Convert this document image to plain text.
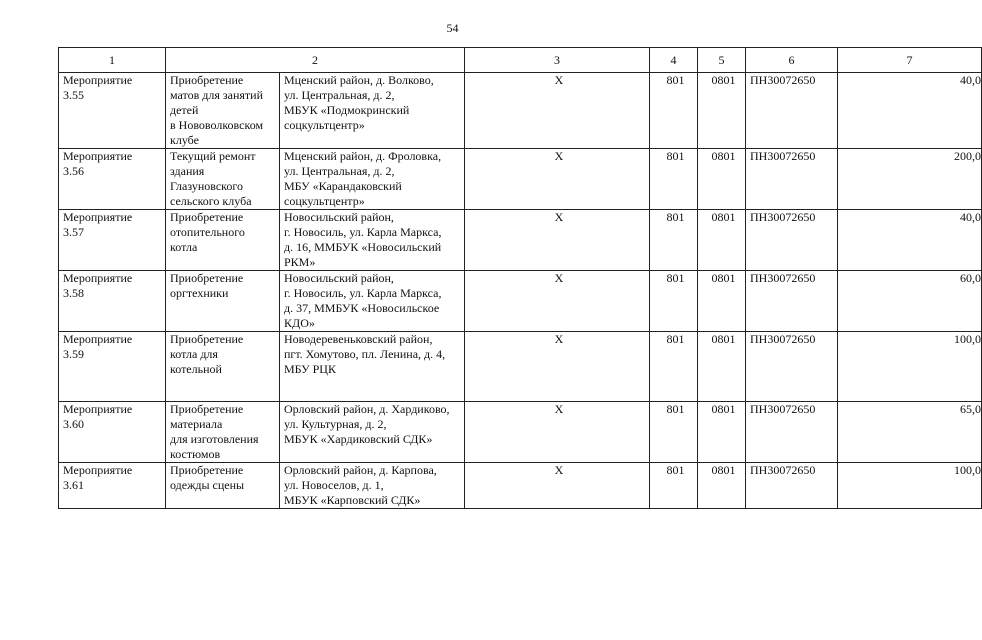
54
1	2		3	4	5	6	7

Мероприятие
3.55	Приобретение
матов для занятий
детей
в Нововолковском
клубе	Мценский район, д. Волково,
ул. Центральная, д. 2,
МБУК «Подмокринский
соцкультцентр»	Х	801	0801	ПН30072650	40,0

Мероприятие
3.56	Текущий ремонт
здания
Глазуновского
сельского клуба	Мценский район, д. Фроловка,
ул. Центральная, д. 2,
МБУ «Карандаковский
соцкультцентр»	Х	801	0801	ПН30072650	200,0

Мероприятие
3.57	Приобретение
отопительного
котла	Новосильский район,
г. Новосиль, ул. Карла Маркса,
д. 16, ММБУК «Новосильский
РКМ»	Х	801	0801	ПН30072650	40,0

Мероприятие
3.58	Приобретение
оргтехники	Новосильский район,
г. Новосиль, ул. Карла Маркса,
д. 37, ММБУК «Новосильское
КДО»	Х	801	0801	ПН30072650	60,0

Мероприятие
3.59	Приобретение
котла для
котельной	Новодеревеньковский район,
пгт. Хомутово, пл. Ленина, д. 4,
МБУ РЦК	Х	801	0801	ПН30072650	100,0

Мероприятие
3.60	Приобретение
материала
для изготовления
костюмов	Орловский район, д. Хардиково,
ул. Культурная, д. 2,
МБУК «Хардиковский СДК»	Х	801	0801	ПН30072650	65,0

Мероприятие
3.61	Приобретение
одежды сцены	Орловский район, д. Карпова,
ул. Новоселов, д. 1,
МБУК «Карповский СДК»	Х	801	0801	ПН30072650	100,0
